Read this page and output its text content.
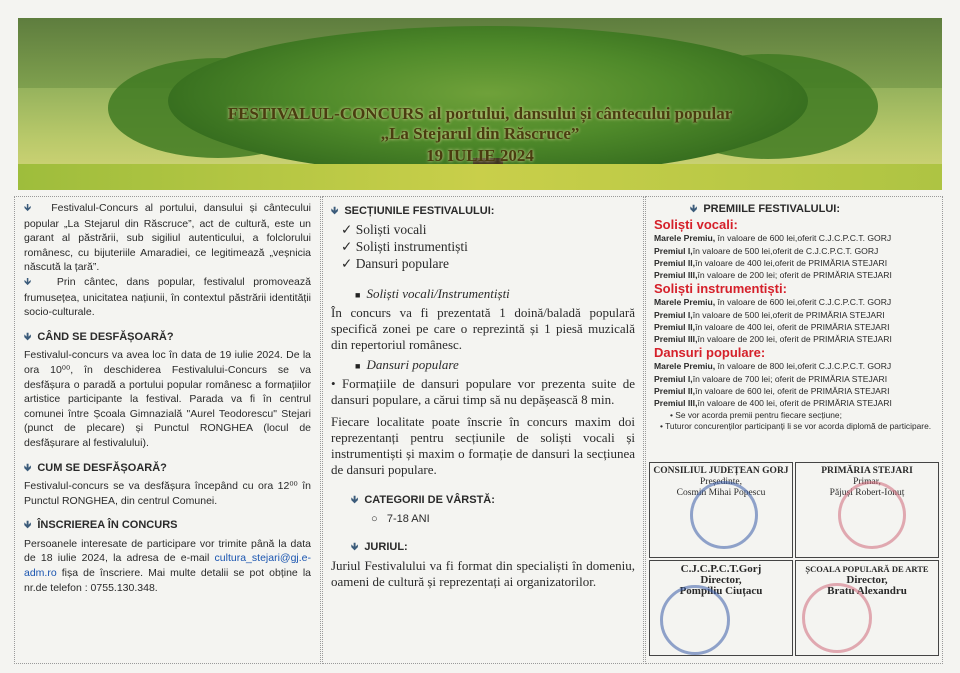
FESTIVALUL-CONCURS al portului, dansului și cântecului popular
„La Stejarul din Răscruce”
19 IULIE 2024

🡻 Festivalul-Concurs al portului, dansului și cântecului popular „La Stejarul din Răscruce”, act de cultură, este un garant al păstrării, sub sigiliul autenticului, a folclorului românesc, cu bijuteriile Amaradiei, ce legitimează „veșnicia născută la țară”.

🡻 Prin cântec, dans popular, festivalul promovează frumusețea, unicitatea națiunii, în contextul păstrării identității socio-culturale.

🡻 CÂND SE DESFĂȘOARĂ?

Festivalul-concurs va avea loc în data de 19 iulie 2024. De la ora 10⁰⁰, în deschiderea Festivalului-Concurs se va desfășura o paradă a portului popular românesc a formațiilor artistice participante la festival. Parada va fi în centrul comunei între Școala Gimnazială "Aurel Teodorescu" Stejari (punct de plecare) și Punctul RONGHEA (locul de desfășurare al festivalului).

🡻 CUM SE DESFĂȘOARĂ?

Festivalul-concurs se va desfășura începând cu ora 12⁰⁰ în Punctul RONGHEA, din centrul Comunei.

🡻 ÎNSCRIEREA ÎN CONCURS

Persoanele interesate de participare vor trimite până la data de 18 iulie 2024, la adresa de e-mail cultura_stejari@gj.e-adm.ro fișa de înscriere. Mai multe detalii se pot obține la nr.de telefon : 0755.130.348.

🡻 SECȚIUNILE FESTIVALULUI:
✓ Soliști vocali
✓ Soliști instrumentiști
✓ Dansuri populare
■ Soliști vocali/Instrumentiști

În concurs va fi prezentată 1 doină/baladă populară specifică zonei pe care o reprezintă și 1 piesă muzicală din repertoriul românesc.

■ Dansuri populare

• Formațiile de dansuri populare vor prezenta suite de dansuri populare, a cărui timp să nu depășească 8 min.

Fiecare localitate poate înscrie în concurs maxim doi reprezentanți pentru secțiunile de soliști vocali și instrumentiști și maxim o formație de dansuri la secțiunea de dansuri populare.

🡻 CATEGORII DE VÂRSTĂ:
○ 7-18 ANI
🡻 JURIUL:

Juriul Festivalului va fi format din specialiști în domeniu, oameni de cultură și reprezentați ai organizatorilor.

🡻 PREMIILE FESTIVALULUI:
Soliști vocali:
Marele Premiu, în valoare de 600 lei,oferit C.J.C.P.C.T. GORJ
Premiul I,în valoare de 500 lei,oferit de C.J.C.P.C.T. GORJ
Premiul II,în valoare de 400 lei,oferit de PRIMĂRIA STEJARI
Premiul III,în valoare de 200 lei; oferit de PRIMĂRIA STEJARI
Soliști instrumentiști:
Marele Premiu, în valoare de 600 lei,oferit C.J.C.P.C.T. GORJ
Premiul I,în valoare de 500 lei,oferit de PRIMĂRIA STEJARI
Premiul II,în valoare de 400 lei, oferit de PRIMĂRIA STEJARI
Premiul III,în valoare de 200 lei, oferit de PRIMĂRIA STEJARI
Dansuri populare:
Marele Premiu, în valoare de 800 lei,oferit C.J.C.P.C.T. GORJ
Premiul I,în valoare de 700 lei; oferit de PRIMĂRIA STEJARI
Premiul II,în valoare de 600 lei, oferit de PRIMĂRIA STEJARI
Premiul III,în valoare de 400 lei, oferit de PRIMĂRIA STEJARI
• Se vor acorda premii pentru fiecare secțiune;
• Tuturor concurenților participanți li se vor acorda diplomă de participare.
CONSILIUL JUDEȚEAN GORJ
Președinte,
Cosmin Mihai Popescu
PRIMĂRIA STEJARI
Primar,
Păjuși Robert-Ionuț
C.J.C.P.C.T.Gorj
Director,
Pompiliu Ciuțacu
ȘCOALA POPULARĂ DE ARTE
Director,
Bratu Alexandru
